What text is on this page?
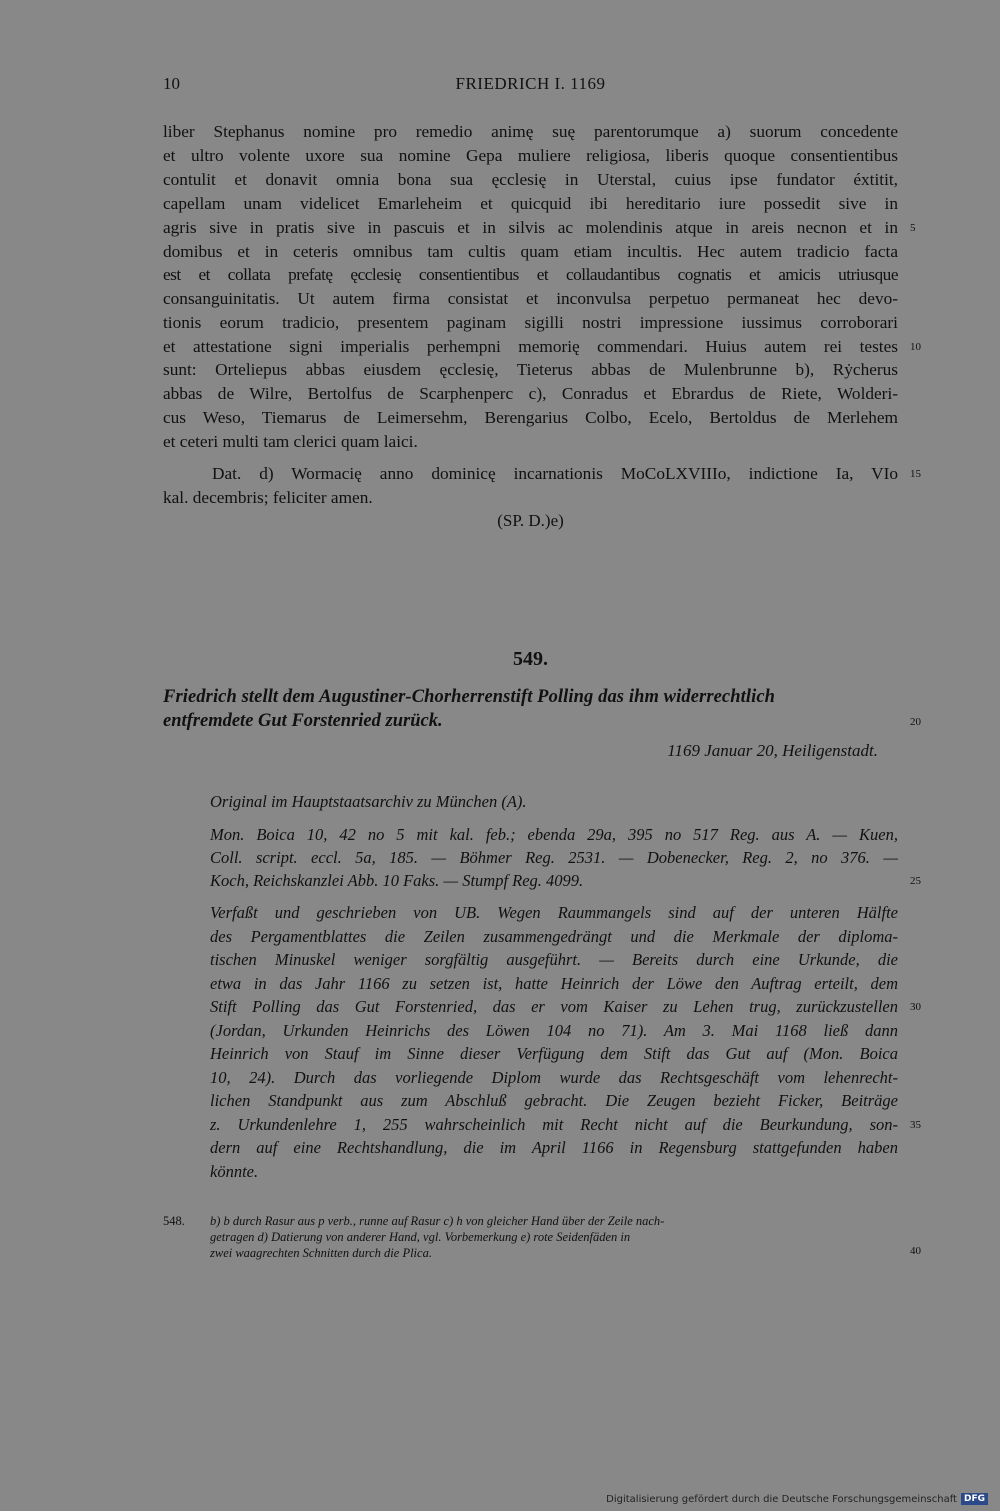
10	FRIEDRICH I. 1169
liber Stephanus nomine pro remedio animę suę parentorumque a) suorum concedente
et ultro volente uxore sua nomine Gepa muliere religiosa, liberis quoque consentientibus
contulit et donavit omnia bona sua ęcclesię in Uterstal, cuius ipse fundator éxtitit,
capellam unam videlicet Emarleheim et quicquid ibi hereditario iure possedit sive in
agris sive in pratis sive in pascuis et in silvis ac molendinis atque in areis necnon et in
domibus et in ceteris omnibus tam cultis quam etiam incultis. Hec autem tradicio facta
est et collata prefatę ęcclesię consentientibus et collaudantibus cognatis et amicis utriusque
consanguinitatis. Ut autem firma consistat et inconvulsa perpetuo permaneat hec devo-
tionis eorum tradicio, presentem paginam sigilli nostri impressione iussimus corroborari
et attestatione signi imperialis perhempni memorię commendari. Huius autem rei testes
sunt: Orteliepus abbas eiusdem ęcclesię, Tieterus abbas de Mulenbrunne b), Rẏcherus
abbas de Wilre, Bertolfus de Scarphenperc c), Conradus et Ebrardus de Riete, Wolderi-
cus Weso, Tiemarus de Leimersehm, Berengarius Colbo, Ecelo, Bertoldus de Merlehem
et ceteri multi tam clerici quam laici.
Dat. d) Wormacię anno dominicę incarnationis MoCoLXVIIIo, indictione Ia, VIo
kal. decembris; feliciter amen.
(SP. D.)e)
549.
Friedrich stellt dem Augustiner-Chorherrenstift Polling das ihm widerrechtlich
entfremdete Gut Forstenried zurück.
1169 Januar 20, Heiligenstadt.
Original im Hauptstaatsarchiv zu München (A).
Mon. Boica 10, 42 no 5 mit kal. feb.; ebenda 29a, 395 no 517 Reg. aus A. — Kuen,
Coll. script. eccl. 5a, 185. — Böhmer Reg. 2531. — Dobenecker, Reg. 2, no 376. —
Koch, Reichskanzlei Abb. 10 Faks. — Stumpf Reg. 4099.
Verfaßt und geschrieben von UB. Wegen Raummangels sind auf der unteren Hälfte
des Pergamentblattes die Zeilen zusammengedrängt und die Merkmale der diploma-
tischen Minuskel weniger sorgfältig ausgeführt. — Bereits durch eine Urkunde, die
etwa in das Jahr 1166 zu setzen ist, hatte Heinrich der Löwe den Auftrag erteilt, dem
Stift Polling das Gut Forstenried, das er vom Kaiser zu Lehen trug, zurückzustellen
(Jordan, Urkunden Heinrichs des Löwen 104 no 71). Am 3. Mai 1168 ließ dann
Heinrich von Stauf im Sinne dieser Verfügung dem Stift das Gut auf (Mon. Boica
10, 24). Durch das vorliegende Diplom wurde das Rechtsgeschäft vom lehenrecht-
lichen Standpunkt aus zum Abschluß gebracht. Die Zeugen bezieht Ficker, Beiträge
z. Urkundenlehre 1, 255 wahrscheinlich mit Recht nicht auf die Beurkundung, son-
dern auf eine Rechtshandlung, die im April 1166 in Regensburg stattgefunden haben
könnte.
548.	b) b durch Rasur aus p verb., runne auf Rasur c) h von gleicher Hand über der Zeile nach-
getragen d) Datierung von anderer Hand, vgl. Vorbemerkung e) rote Seidenfäden in
zwei waagrechten Schnitten durch die Plica.
5
10
15
20
25
30
35
40
Digitalisierung gefördert durch die Deutsche Forschungsgemeinschaft DFG
